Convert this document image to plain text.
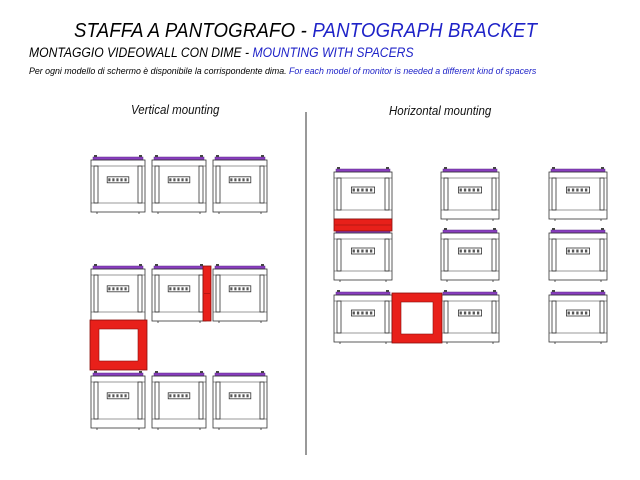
STAFFA A PANTOGRAFO - PANTOGRAPH BRACKET
MONTAGGIO VIDEOWALL CON DIME - MOUNTING WITH SPACERS
Per ogni modello di schermo è disponibile la corrispondente dima. For each model of monitor is needed a different kind of spacers
Vertical mounting	Horizontal mounting
